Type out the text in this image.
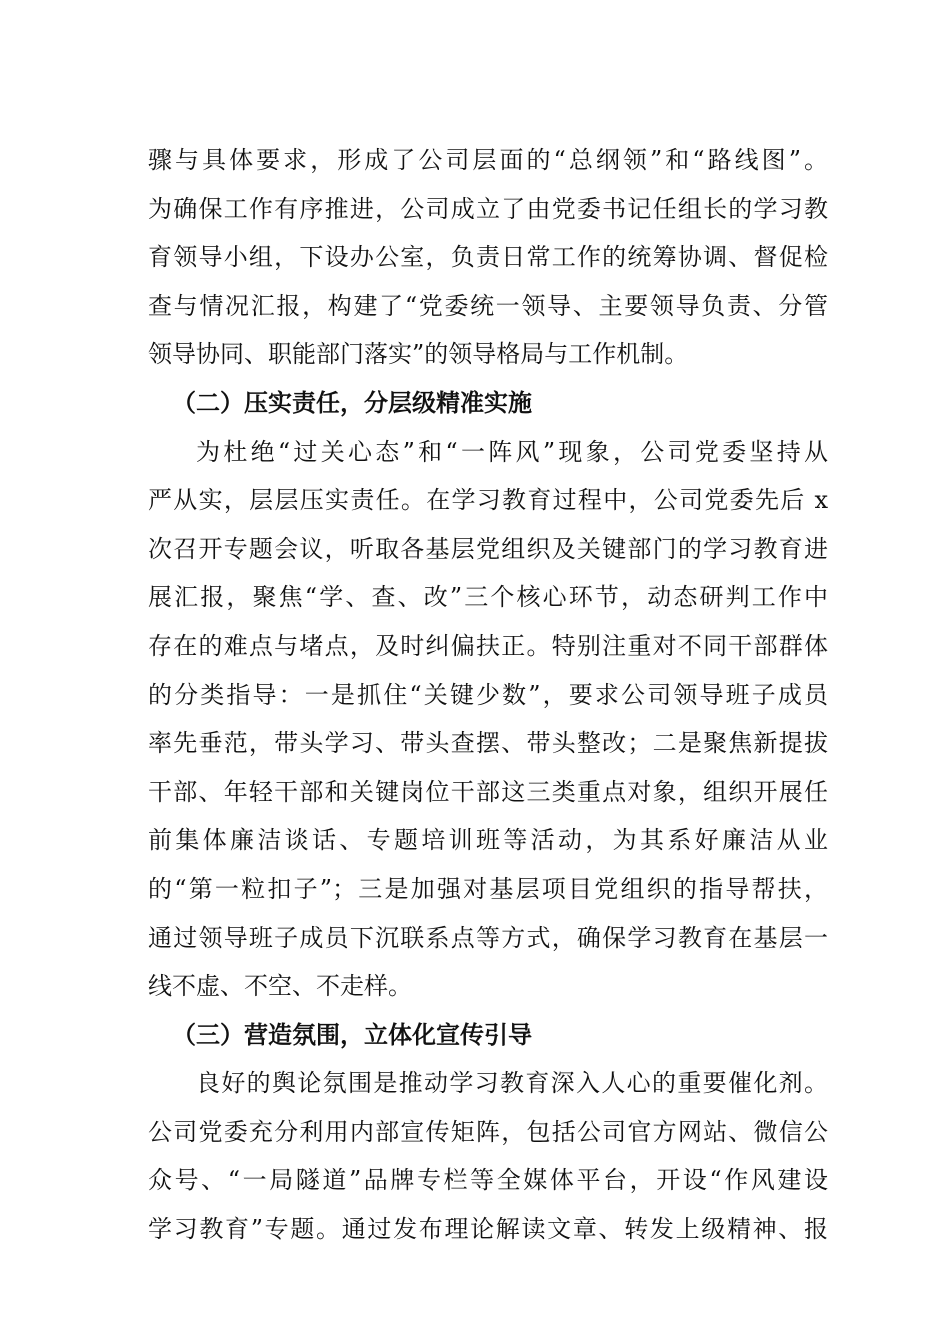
骤与具体要求，形成了公司层面的“总纲领”和“路线图”。
为确保工作有序推进，公司成立了由党委书记任组长的学习教
育领导小组，下设办公室，负责日常工作的统筹协调、督促检
查与情况汇报，构建了“党委统一领导、主要领导负责、分管
领导协同、职能部门落实”的领导格局与工作机制。
（二）压实责任，分层级精准实施
为杜绝“过关心态”和“一阵风”现象，公司党委坚持从
严从实，层层压实责任。在学习教育过程中，公司党委先后 x
次召开专题会议，听取各基层党组织及关键部门的学习教育进
展汇报，聚焦“学、查、改”三个核心环节，动态研判工作中
存在的难点与堵点，及时纠偏扶正。特别注重对不同干部群体
的分类指导：一是抓住“关键少数”，要求公司领导班子成员
率先垂范，带头学习、带头查摆、带头整改；二是聚焦新提拔
干部、年轻干部和关键岗位干部这三类重点对象，组织开展任
前集体廉洁谈话、专题培训班等活动，为其系好廉洁从业
的“第一粒扣子”；三是加强对基层项目党组织的指导帮扶，
通过领导班子成员下沉联系点等方式，确保学习教育在基层一
线不虚、不空、不走样。
（三）营造氛围，立体化宣传引导
良好的舆论氛围是推动学习教育深入人心的重要催化剂。
公司党委充分利用内部宣传矩阵，包括公司官方网站、微信公
众号、“一局隧道”品牌专栏等全媒体平台，开设“作风建设
学习教育”专题。通过发布理论解读文章、转发上级精神、报
